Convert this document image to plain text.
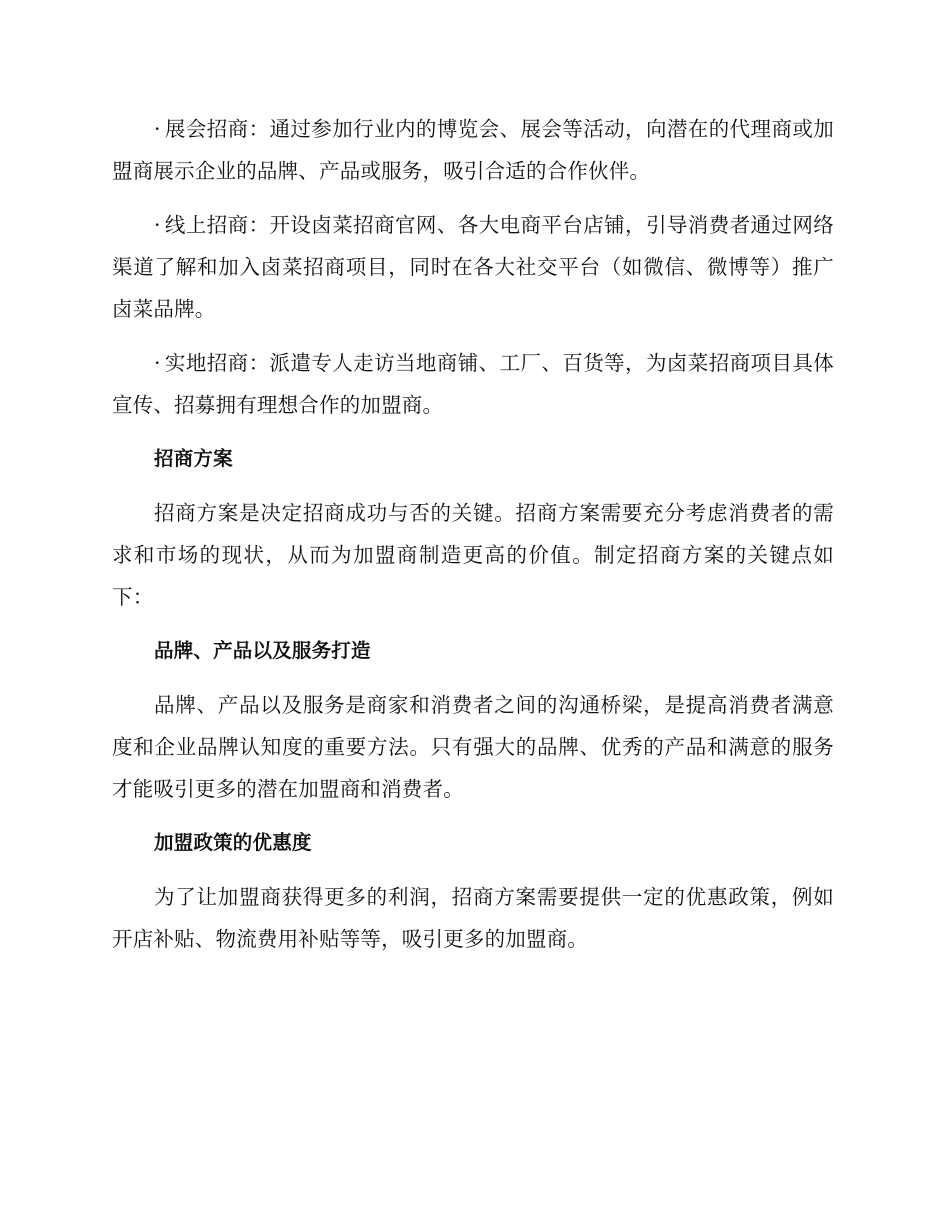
· 展会招商：通过参加行业内的博览会、展会等活动，向潜在的代理商或加盟商展示企业的品牌、产品或服务，吸引合适的合作伙伴。

· 线上招商：开设卤菜招商官网、各大电商平台店铺，引导消费者通过网络渠道了解和加入卤菜招商项目，同时在各大社交平台（如微信、微博等）推广卤菜品牌。

· 实地招商：派遣专人走访当地商铺、工厂、百货等，为卤菜招商项目具体宣传、招募拥有理想合作的加盟商。

招商方案

招商方案是决定招商成功与否的关键。招商方案需要充分考虑消费者的需求和市场的现状，从而为加盟商制造更高的价值。制定招商方案的关键点如下：

品牌、产品以及服务打造

品牌、产品以及服务是商家和消费者之间的沟通桥梁，是提高消费者满意度和企业品牌认知度的重要方法。只有强大的品牌、优秀的产品和满意的服务才能吸引更多的潜在加盟商和消费者。

加盟政策的优惠度

为了让加盟商获得更多的利润，招商方案需要提供一定的优惠政策，例如开店补贴、物流费用补贴等等，吸引更多的加盟商。
